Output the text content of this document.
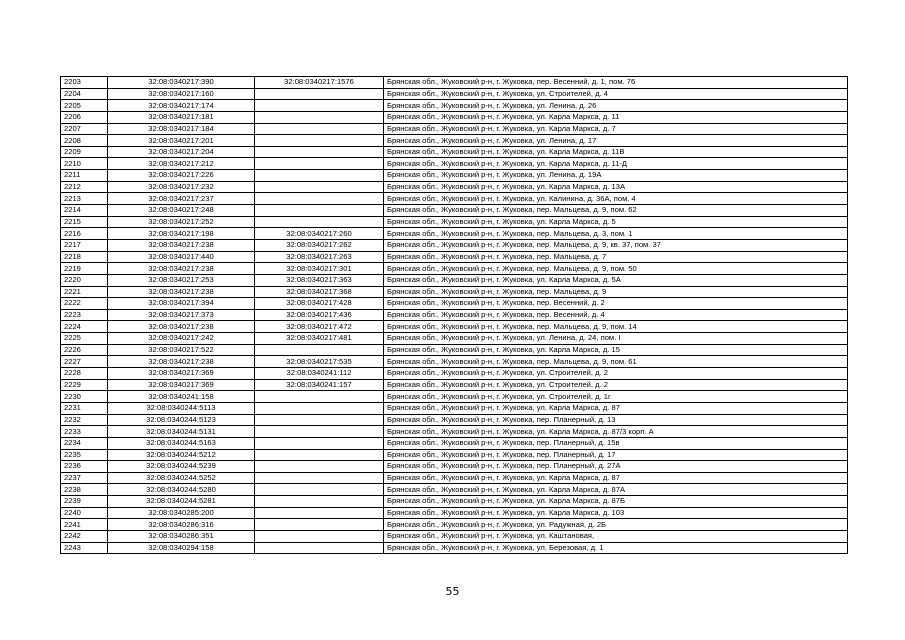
2203	32:08:0340217:390	32:08:0340217:1576	Брянская обл., Жуковский р-н, г. Жуковка, пер. Весенний, д. 1, пом. 76
2204	32:08:0340217:160		Брянская обл., Жуковский р-н, г. Жуковка, ул. Строителей, д. 4
2205	32:08:0340217:174		Брянская обл., Жуковский р-н, г. Жуковка, ул. Ленина, д. 26
2206	32:08:0340217:181		Брянская обл., Жуковский р-н, г. Жуковка, ул. Карла Маркса, д. 11
2207	32:08:0340217:184		Брянская обл., Жуковский р-н, г. Жуковка, ул. Карла Маркса, д. 7
2208	32:08:0340217:201		Брянская обл., Жуковский р-н, г. Жуковка, ул. Ленина, д. 17
2209	32:08:0340217:204		Брянская обл., Жуковский р-н, г. Жуковка, ул. Карла Маркса, д. 11В
2210	32:08:0340217:212		Брянская обл., Жуковский р-н, г. Жуковка, ул. Карла Маркса, д. 11-Д
2211	32:08:0340217:226		Брянская обл., Жуковский р-н, г. Жуковка, ул. Ленина, д. 19А
2212	32:08:0340217:232		Брянская обл., Жуковский р-н, г. Жуковка, ул. Карла Маркса, д. 13А
2213	32:08:0340217:237		Брянская обл., Жуковский р-н, г. Жуковка, ул. Калинина, д. 36А, пом. 4
2214	32:08:0340217:248		Брянская обл., Жуковский р-н, г. Жуковка, пер. Мальцева, д. 9, пом. 62
2215	32:08:0340217:252		Брянская обл., Жуковский р-н, г. Жуковка, ул. Карла Маркса, д. 5
2216	32:08:0340217:198	32:08:0340217:260	Брянская обл., Жуковский р-н, г. Жуковка, пер. Мальцева, д. 3, пом. 1
2217	32:08:0340217:238	32:08:0340217:262	Брянская обл., Жуковский р-н, г. Жуковка, пер. Мальцева, д. 9, кв. 37, пом. 37
2218	32:08:0340217:440	32:08:0340217:263	Брянская обл., Жуковский р-н, г. Жуковка, пер. Мальцева, д. 7
2219	32:08:0340217:238	32:08:0340217:301	Брянская обл., Жуковский р-н, г. Жуковка, пер. Мальцева, д. 9, пом. 50
2220	32:08:0340217:253	32:08:0340217:363	Брянская обл., Жуковский р-н, г. Жуковка, ул. Карла Маркса, д. 5А
2221	32:08:0340217:238	32:08:0340217:368	Брянская обл., Жуковский р-н, г. Жуковка, пер. Мальцева, д. 9
2222	32:08:0340217:394	32:08:0340217:428	Брянская обл., Жуковский р-н, г. Жуковка, пер. Весенний, д. 2
2223	32:08:0340217:373	32:08:0340217:436	Брянская обл., Жуковский р-н, г. Жуковка, пер. Весенний, д. 4
2224	32:08:0340217:238	32:08:0340217:472	Брянская обл., Жуковский р-н, г. Жуковка, пер. Мальцева, д. 9, пом. 14
2225	32:08:0340217:242	32:08:0340217:481	Брянская обл., Жуковский р-н, г. Жуковка, ул. Ленина, д. 24, пом. I
2226	32:08:0340217:522		Брянская обл., Жуковский р-н, г. Жуковка, ул. Карла Маркса, д. 15
2227	32:08:0340217:238	32:08:0340217:535	Брянская обл., Жуковский р-н, г. Жуковка, пер. Мальцева, д. 9, пом. 61
2228	32:08:0340217:369	32:08:0340241:112	Брянская обл., Жуковский р-н, г. Жуковка, ул. Строителей, д. 2
2229	32:08:0340217:369	32:08:0340241:157	Брянская обл., Жуковский р-н, г. Жуковка, ул. Строителей, д. 2
2230	32:08:0340241:158		Брянская обл., Жуковский р-н, г. Жуковка, ул. Строителей, д. 1г
2231	32:08:0340244:5113		Брянская обл., Жуковский р-н, г. Жуковка, ул. Карла Маркса, д. 87
2232	32:08:0340244:5123		Брянская обл., Жуковский р-н, г. Жуковка, пер. Планерный, д. 13
2233	32:08:0340244:5131		Брянская обл., Жуковский р-н, г. Жуковка, ул. Карла Маркса, д. 87/3 корп. А
2234	32:08:0340244:5163		Брянская обл., Жуковский р-н, г. Жуковка, пер. Планерный, д. 15в
2235	32:08:0340244:5212		Брянская обл., Жуковский р-н, г. Жуковка, пер. Планерный, д. 17
2236	32:08:0340244:5239		Брянская обл., Жуковский р-н, г. Жуковка, пер. Планерный, д. 27А
2237	32:08:0340244:5252		Брянская обл., Жуковский р-н, г. Жуковка, ул. Карла Маркса, д. 87
2238	32:08:0340244:5280		Брянская обл., Жуковский р-н, г. Жуковка, ул. Карла Маркса, д. 87А
2239	32:08:0340244:5281		Брянская обл., Жуковский р-н, г. Жуковка, ул. Карла Маркса, д. 87Б
2240	32:08:0340285:200		Брянская обл., Жуковский р-н, г. Жуковка, ул. Карла Маркса, д. 103
2241	32:08:0340286:316		Брянская обл., Жуковский р-н, г. Жуковка, ул. Радужная, д. 2Б
2242	32:08:0340286:351		Брянская обл., Жуковский р-н, г. Жуковка, ул. Каштановая,
2243	32:08:0340294:158		Брянская обл., Жуковский р-н, г. Жуковка, ул. Березовая, д. 1
55
